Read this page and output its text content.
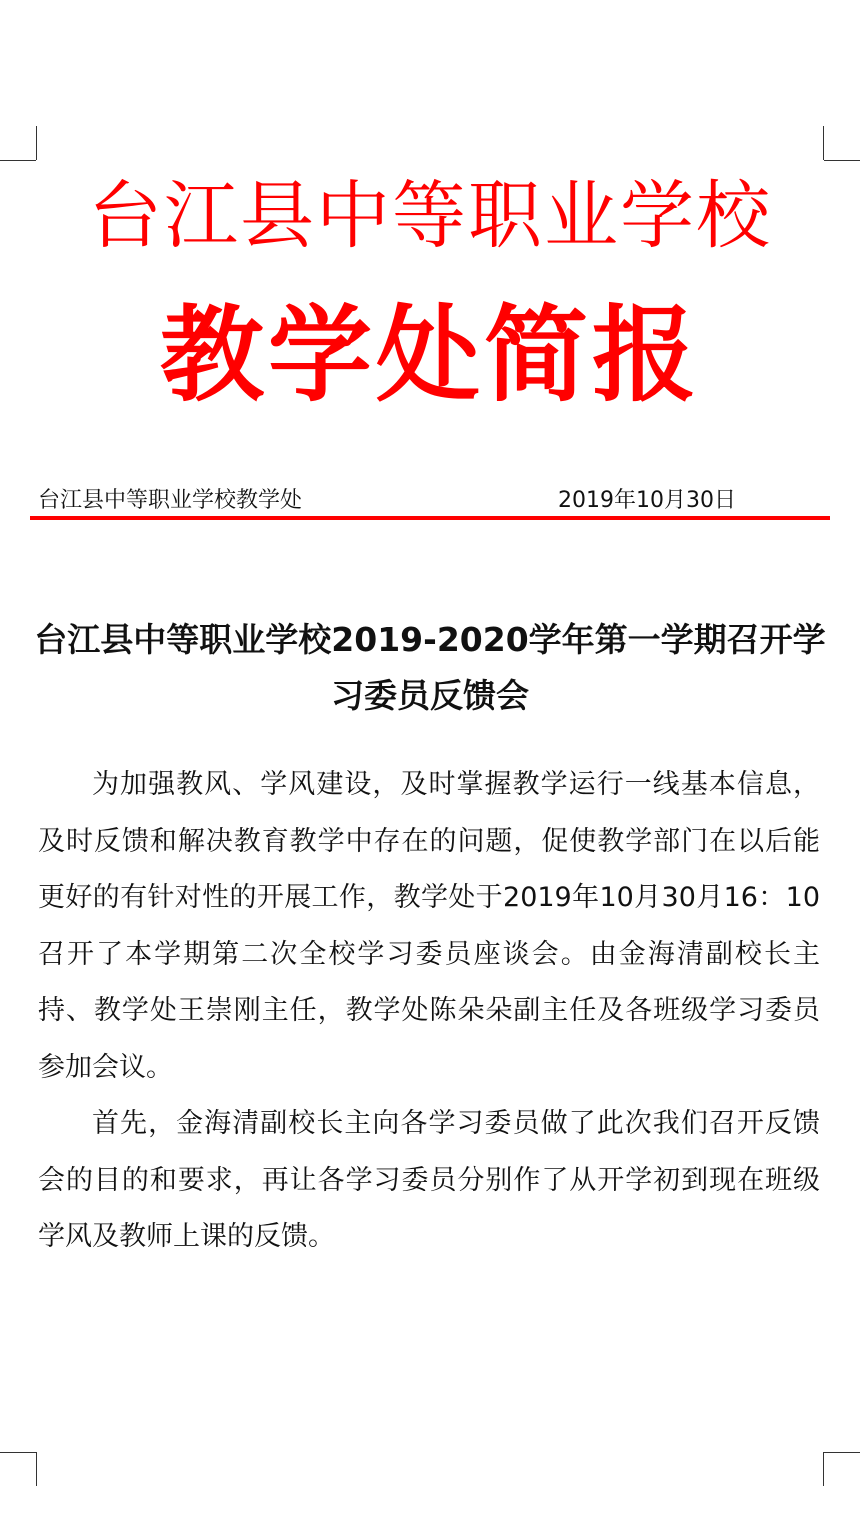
台江县中等职业学校
教学处简报
台江县中等职业学校教学处	2019年10月30日
台江县中等职业学校2019-2020学年第一学期召开学习委员反馈会

为加强教风、学风建设，及时掌握教学运行一线基本信息，及时反馈和解决教育教学中存在的问题，促使教学部门在以后能更好的有针对性的开展工作，教学处于2019年10月30月16：10召开了本学期第二次全校学习委员座谈会。由金海清副校长主持、教学处王崇刚主任，教学处陈朵朵副主任及各班级学习委员参加会议。

首先，金海清副校长主向各学习委员做了此次我们召开反馈会的目的和要求，再让各学习委员分别作了从开学初到现在班级学风及教师上课的反馈。
